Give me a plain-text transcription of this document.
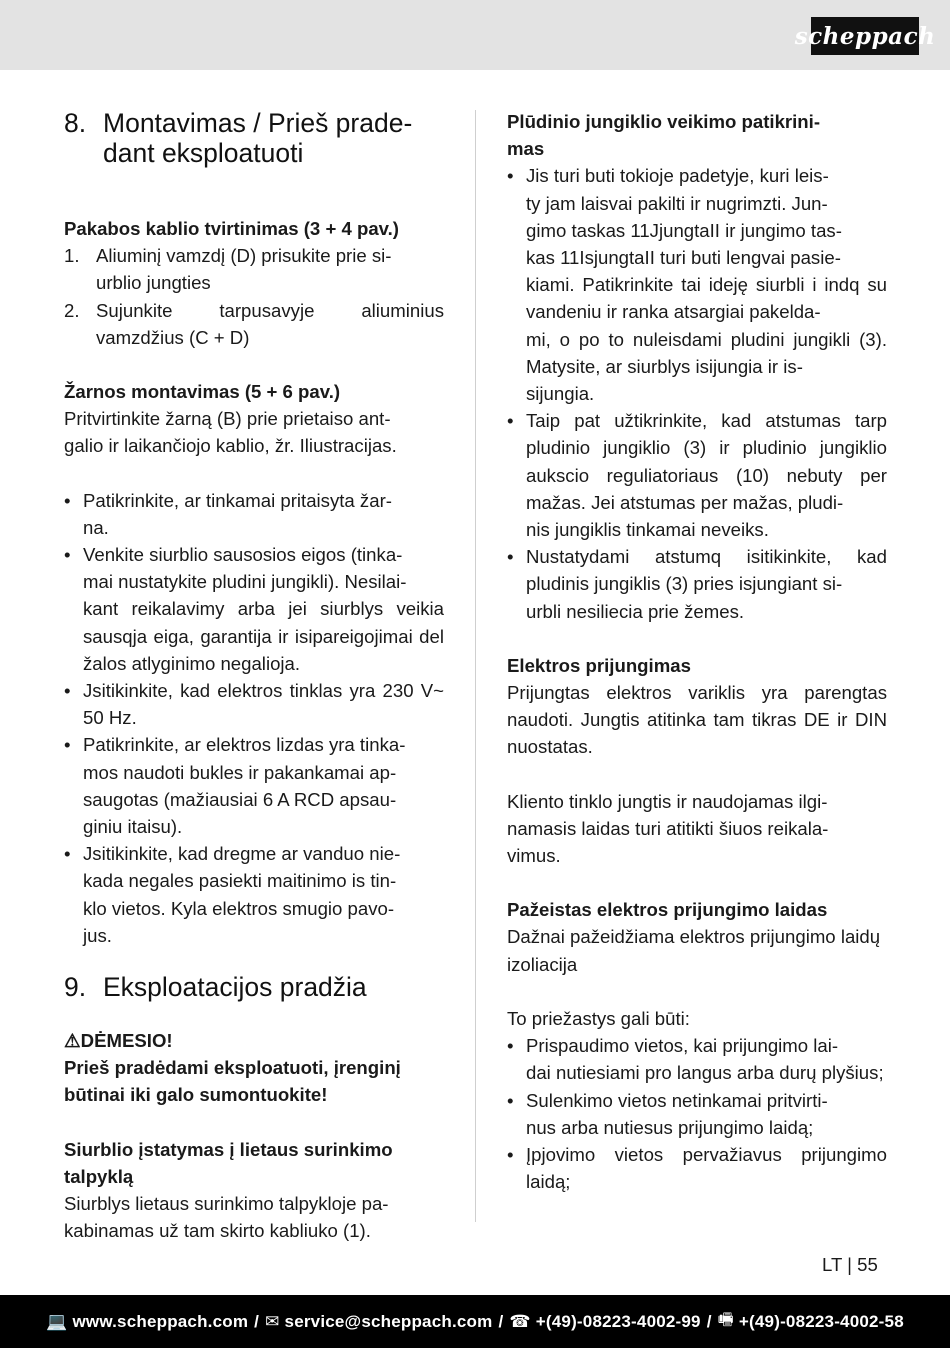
scheppach
8. Montavimas / Prieš prade-
dant eksploatuoti

Pakabos kablio tvirtinimas (3 + 4 pav.)

1. Aliuminį vamzdį (D) prisukite prie si-
urblio jungties
2. Sujunkite tarpusavyje aliuminius
vamzdžius (C + D)

Žarnos montavimas (5 + 6 pav.)

Pritvirtinkite žarną (B) prie prietaiso ant-
galio ir laikančiojo kablio, žr. Iliustracijas.

• Patikrinkite, ar tinkamai pritaisyta žar-
na.
• Venkite siurblio sausosios eigos (tinka-
mai nustatykite pludini jungikli). Nesilai-
kant reikalavimy arba jei siurblys veikia sausqja eiga, garantija ir isipareigojimai del žalos atlyginimo negalioja.
• Jsitikinkite, kad elektros tinklas yra 230 V~ 50 Hz.
• Patikrinkite, ar elektros lizdas yra tinka-
mos naudoti bukles ir pakankamai ap-
saugotas (mažiausiai 6 A RCD apsau-
giniu itaisu).
• Jsitikinkite, kad dregme ar vanduo nie-
kada negales pasiekti maitinimo is tin-
klo vietos. Kyla elektros smugio pavo-
jus.
9. Eksploatacijos pradžia

⚠DĖMESIO!

Prieš pradėdami eksploatuoti, įrenginį būtinai iki galo sumontuokite!

Siurblio įstatymas į lietaus surinkimo talpyklą

Siurblys lietaus surinkimo talpykloje pa-
kabinamas už tam skirto kabliuko (1).

Plūdinio jungiklio veikimo patikrini-
mas

• Jis turi buti tokioje padetyje, kuri leis-
ty jam laisvai pakilti ir nugrimzti. Jun-
gimo taskas 11JjungtaII ir jungimo tas-
kas 11IsjungtaII turi buti lengvai pasie-
kiami. Patikrinkite tai ideję siurbli i indq su vandeniu ir ranka atsargiai pakelda-
mi, o po to nuleisdami pludini jungikli (3). Matysite, ar siurblys isijungia ir is-
sijungia.
• Taip pat užtikrinkite, kad atstumas tarp pludinio jungiklio (3) ir pludinio jungiklio aukscio reguliatoriaus (10) nebuty per mažas. Jei atstumas per mažas, pludi-
nis jungiklis tinkamai neveiks.
• Nustatydami atstumq isitikinkite, kad pludinis jungiklis (3) pries isjungiant si-
urbli nesiliecia prie žemes.

Elektros prijungimas

Prijungtas elektros variklis yra parengtas naudoti. Jungtis atitinka tam tikras DE ir DIN nuostatas.

Kliento tinklo jungtis ir naudojamas ilgi-
namasis laidas turi atitikti šiuos reikala-
vimus.

Pažeistas elektros prijungimo laidas

Dažnai pažeidžiama elektros prijungimo laidų izoliacija

To priežastys gali būti:

• Prispaudimo vietos, kai prijungimo lai-
dai nutiesiami pro langus arba durų plyšius;
• Sulenkimo vietos netinkamai pritvirti-
nus arba nutiesus prijungimo laidą;
• Įpjovimo vietos pervažiavus prijungimo laidą;
LT | 55
💻 www.scheppach.com / ✉ service@scheppach.com / ☎ +(49)-08223-4002-99 / 🖷 +(49)-08223-4002-58
